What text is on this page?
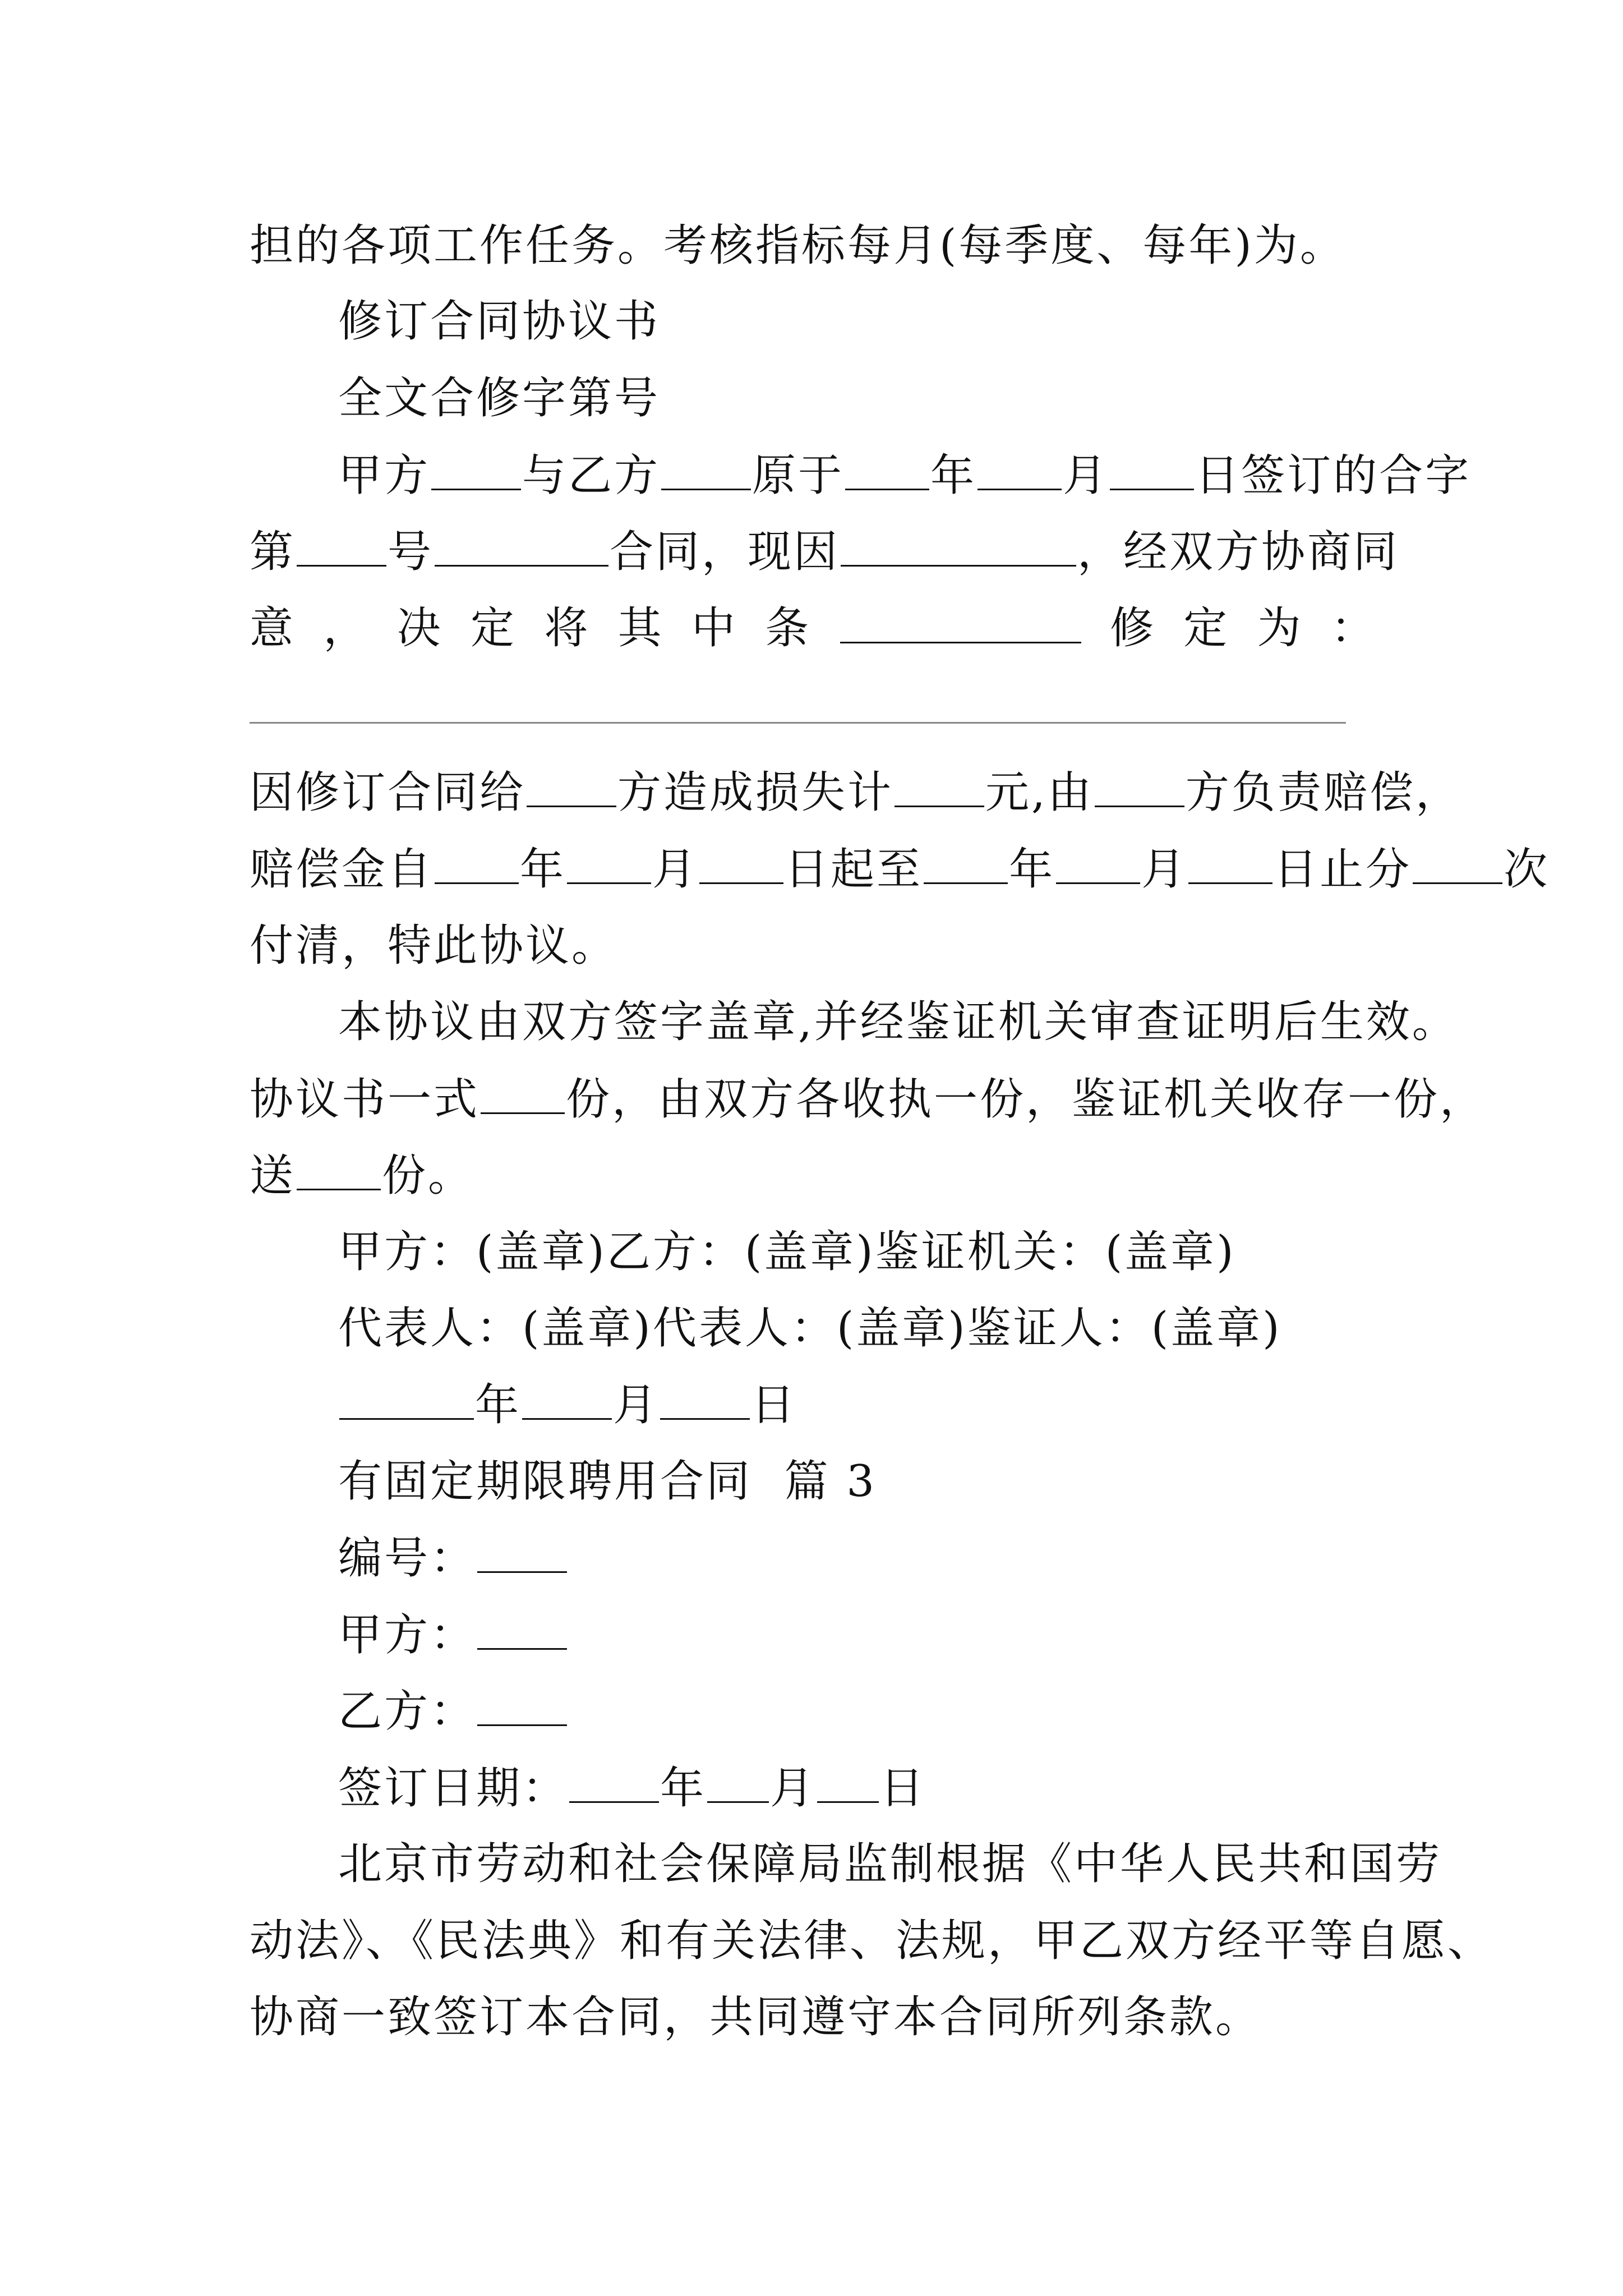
担的各项工作任务。考核指标每月(每季度、每年)为。
修订合同协议书
全文合修字第号
甲方 与乙方 原于 年 月 日签订的合字
第 号	合同，现因	，经双方协商同
意 ， 决 定 将 其 中 条	修 定 为 ：
因修订合同给 方造成损失计 元,由 方负责赔偿，
赔偿金自 年 月 日起至 年 月 日止分 次
付清，特此协议。
本协议由双方签字盖章,并经鉴证机关审查证明后生效。
协议书一式 份，由双方各收执一份，鉴证机关收存一份，
送 份。
甲方：(盖章)乙方：(盖章)鉴证机关：(盖章)
代表人：(盖章)代表人：(盖章)鉴证人：(盖章)
年 月 日
有固定期限聘用合同  篇 3
编号：
甲方：
乙方：
签订日期： 年 月 日
北京市劳动和社会保障局监制根据《中华人民共和国劳
动法》、《民法典》和有关法律、法规，甲乙双方经平等自愿、
协商一致签订本合同，共同遵守本合同所列条款。
